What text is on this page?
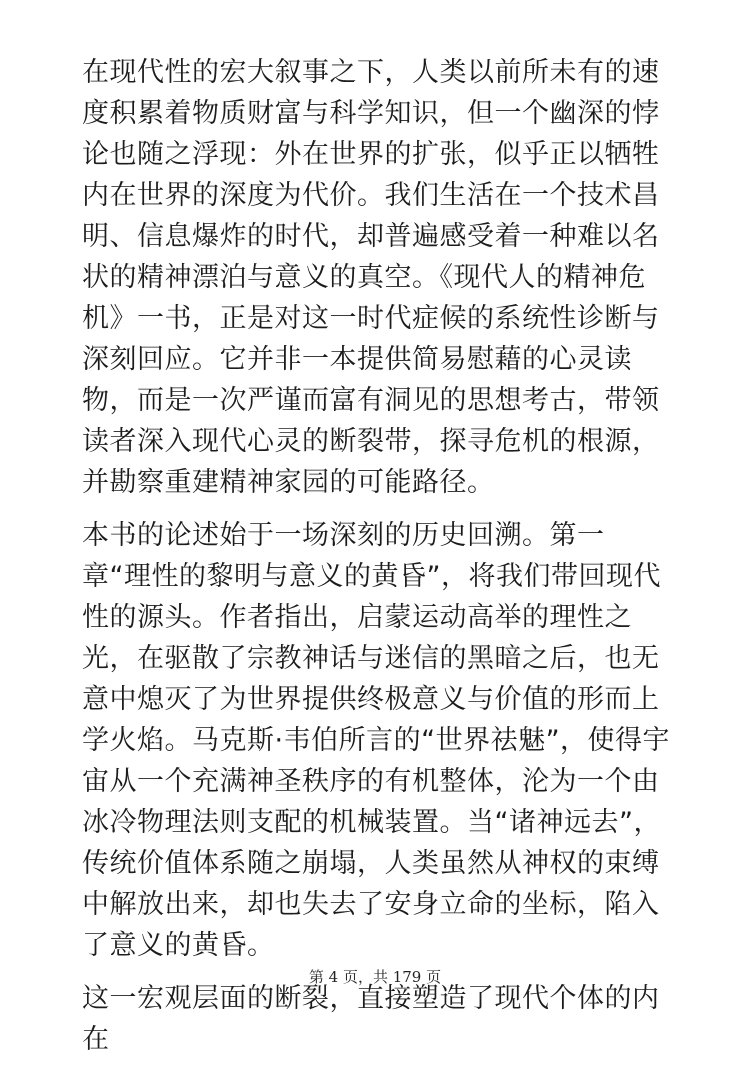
在现代性的宏大叙事之下，人类以前所未有的速度积累着物质财富与科学知识，但一个幽深的悖论也随之浮现：外在世界的扩张，似乎正以牺牲内在世界的深度为代价。我们生活在一个技术昌明、信息爆炸的时代，却普遍感受着一种难以名状的精神漂泊与意义的真空。《现代人的精神危机》一书，正是对这一时代症候的系统性诊断与深刻回应。它并非一本提供简易慰藉的心灵读物，而是一次严谨而富有洞见的思想考古，带领读者深入现代心灵的断裂带，探寻危机的根源，并勘察重建精神家园的可能路径。

本书的论述始于一场深刻的历史回溯。第一章“理性的黎明与意义的黄昏”，将我们带回现代性的源头。作者指出，启蒙运动高举的理性之光，在驱散了宗教神话与迷信的黑暗之后，也无意中熄灭了为世界提供终极意义与价值的形而上学火焰。马克斯·韦伯所言的“世界祛魅”，使得宇宙从一个充满神圣秩序的有机整体，沦为一个由冰冷物理法则支配的机械装置。当“诸神远去”，传统价值体系随之崩塌，人类虽然从神权的束缚中解放出来，却也失去了安身立命的坐标，陷入了意义的黄昏。

这一宏观层面的断裂，直接塑造了现代个体的内在

第 4 页，共 179 页
